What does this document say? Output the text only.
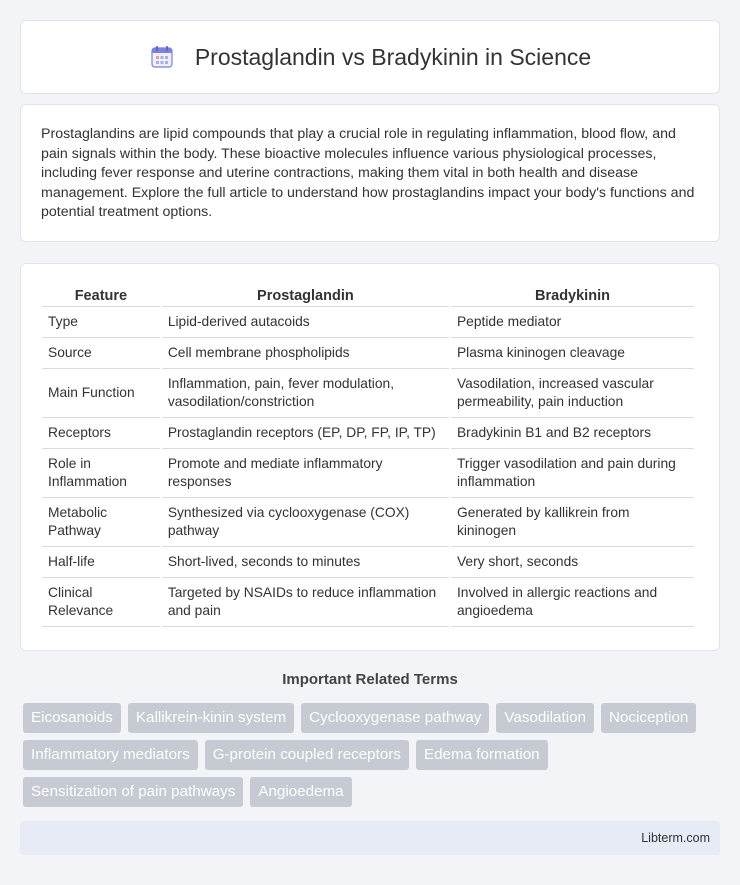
Prostaglandin vs Bradykinin in Science

Prostaglandins are lipid compounds that play a crucial role in regulating inflammation, blood flow, and pain signals within the body. These bioactive molecules influence various physiological processes, including fever response and uterine contractions, making them vital in both health and disease management. Explore the full article to understand how prostaglandins impact your body's functions and potential treatment options.

Feature	Prostaglandin	Bradykinin
Type	Lipid-derived autacoids	Peptide mediator
Source	Cell membrane phospholipids	Plasma kininogen cleavage
Main Function	Inflammation, pain, fever modulation, vasodilation/constriction	Vasodilation, increased vascular permeability, pain induction
Receptors	Prostaglandin receptors (EP, DP, FP, IP, TP)	Bradykinin B1 and B2 receptors
Role in Inflammation	Promote and mediate inflammatory responses	Trigger vasodilation and pain during inflammation
Metabolic Pathway	Synthesized via cyclooxygenase (COX) pathway	Generated by kallikrein from kininogen
Half-life	Short-lived, seconds to minutes	Very short, seconds
Clinical Relevance	Targeted by NSAIDs to reduce inflammation and pain	Involved in allergic reactions and angioedema
Important Related Terms
Eicosanoids	Kallikrein-kinin system	Cyclooxygenase pathway	Vasodilation	Nociception
Inflammatory mediators	G-protein coupled receptors	Edema formation
Sensitization of pain pathways	Angioedema
Libterm.com
